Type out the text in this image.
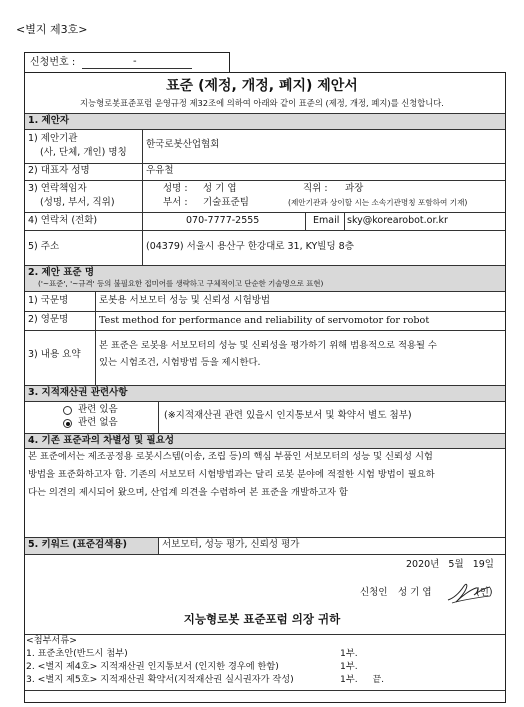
<별지 제3호>
신청번호 :	-
표준 (제정, 개정, 폐지) 제안서
지능형로봇표준포럼 운영규정 제32조에 의하여 아래와 같이 표준의 (제정, 개정, 폐지)를 신청합니다.
1. 제안자
1) 제안기관
(사, 단체, 개인) 명칭
한국로봇산업협회
2) 대표자 성명	우유철
3) 연락책임자
(성명, 부서, 직위)
성명 : 성 기 엽	직위 : 과장
부서 : 기술표준팀	(제안기관과 상이할 시는 소속기관명칭 포함하여 기재)
4) 연락처 (전화)	070-7777-2555	Email sky@korearobot.or.kr
5) 주소	(04379) 서울시 용산구 한강대로 31, KY빌딩 8층
2. 제안 표준 명
('~표준', '~규격' 등의 불필요한 접미어를 생략하고 구체적이고 단순한 기술명으로 표현)
1) 국문명	로봇용 서보모터 성능 및 신뢰성 시험방법
2) 영문명	Test method for performance and reliability of servomotor for robot
3) 내용 요약
본 표준은 로봇용 서보모터의 성능 및 신뢰성을 평가하기 위해 범용적으로 적용될 수
있는 시험조건, 시험방법 등을 제시한다.
3. 지적재산권 관련사항
관련 있음
관련 없음
(※지적재산권 관련 있을시 인지통보서 및 확약서 별도 첨부)
4. 기존 표준과의 차별성 및 필요성
본 표준에서는 제조공정용 로봇시스템(이송, 조립 등)의 핵심 부품인 서보모터의 성능 및 신뢰성 시험
방법을 표준화하고자 함. 기존의 서보모터 시험방법과는 달리 로봇 분야에 적절한 시험 방법이 필요하
다는 의견의 제시되어 왔으며, 산업계 의견을 수렴하여 본 표준을 개발하고자 함
5. 키워드 (표준검색용)	서보모터, 성능 평가, 신뢰성 평가
2020년   5월   19일
신청인 성 기 엽	(인)
지능형로봇 표준포럼 의장 귀하
<첨부서류>
1. 표준초안(반드시 첨부)	1부.
2. <별지 제4호> 지적재산권 인지통보서 (인지한 경우에 한함)	1부.
3. <별지 제5호> 지적재산권 확약서(지적재산권 실시권자가 작성)	1부.     끝.
